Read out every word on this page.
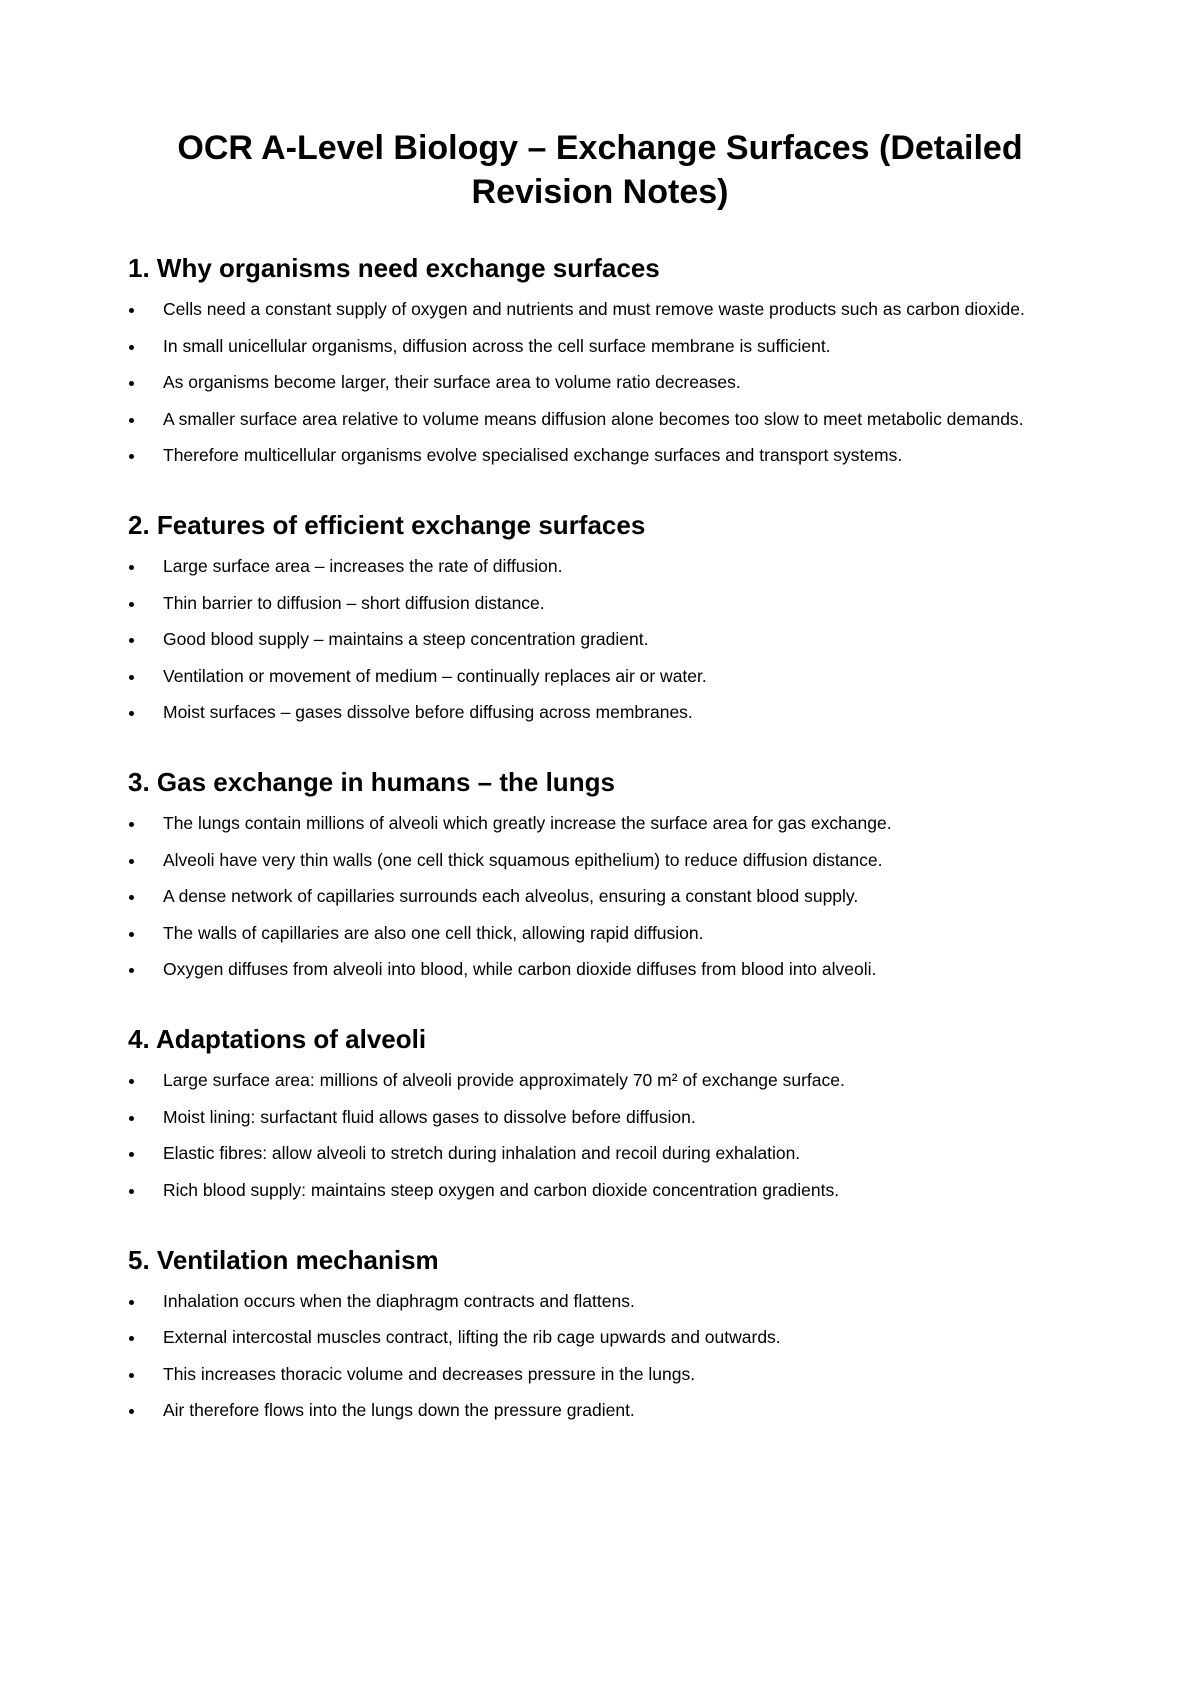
OCR A-Level Biology – Exchange Surfaces (Detailed Revision Notes)
1. Why organisms need exchange surfaces
Cells need a constant supply of oxygen and nutrients and must remove waste products such as carbon dioxide.
In small unicellular organisms, diffusion across the cell surface membrane is sufficient.
As organisms become larger, their surface area to volume ratio decreases.
A smaller surface area relative to volume means diffusion alone becomes too slow to meet metabolic demands.
Therefore multicellular organisms evolve specialised exchange surfaces and transport systems.
2. Features of efficient exchange surfaces
Large surface area – increases the rate of diffusion.
Thin barrier to diffusion – short diffusion distance.
Good blood supply – maintains a steep concentration gradient.
Ventilation or movement of medium – continually replaces air or water.
Moist surfaces – gases dissolve before diffusing across membranes.
3. Gas exchange in humans – the lungs
The lungs contain millions of alveoli which greatly increase the surface area for gas exchange.
Alveoli have very thin walls (one cell thick squamous epithelium) to reduce diffusion distance.
A dense network of capillaries surrounds each alveolus, ensuring a constant blood supply.
The walls of capillaries are also one cell thick, allowing rapid diffusion.
Oxygen diffuses from alveoli into blood, while carbon dioxide diffuses from blood into alveoli.
4. Adaptations of alveoli
Large surface area: millions of alveoli provide approximately 70 m² of exchange surface.
Moist lining: surfactant fluid allows gases to dissolve before diffusion.
Elastic fibres: allow alveoli to stretch during inhalation and recoil during exhalation.
Rich blood supply: maintains steep oxygen and carbon dioxide concentration gradients.
5. Ventilation mechanism
Inhalation occurs when the diaphragm contracts and flattens.
External intercostal muscles contract, lifting the rib cage upwards and outwards.
This increases thoracic volume and decreases pressure in the lungs.
Air therefore flows into the lungs down the pressure gradient.
